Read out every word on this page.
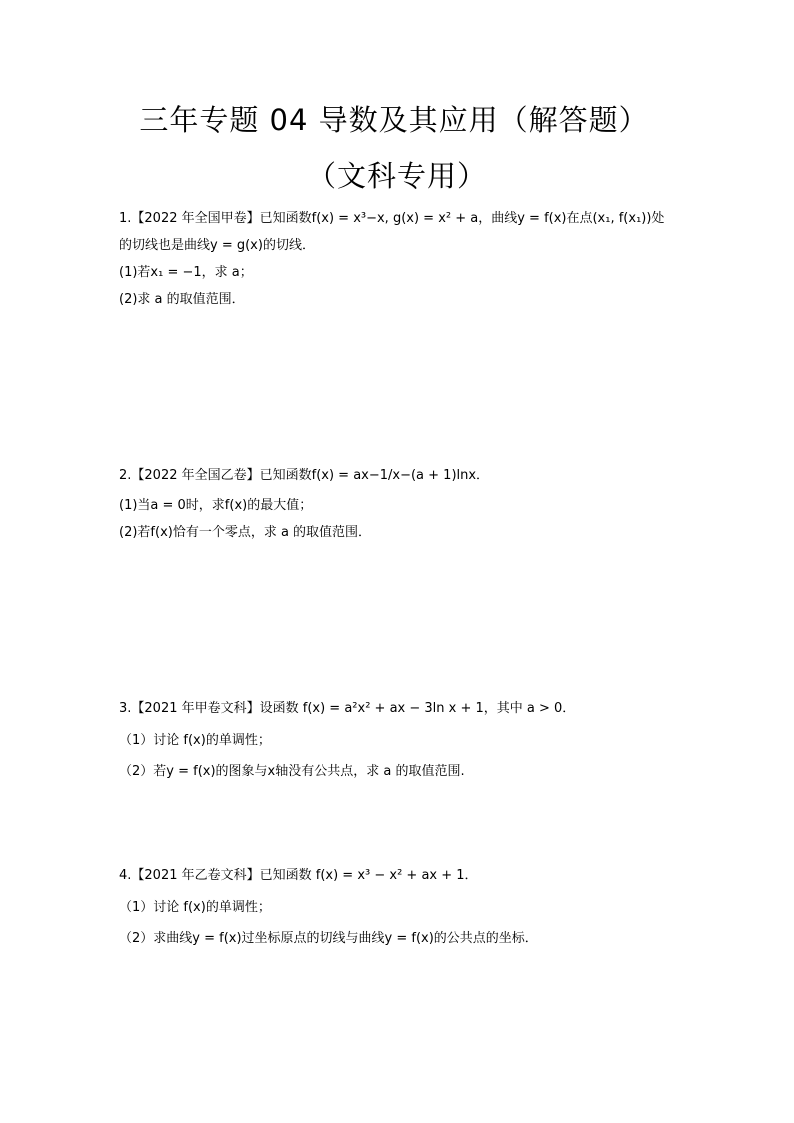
三年专题 04 导数及其应用（解答题）
（文科专用）
1.【2022 年全国甲卷】已知函数f(x) = x³−x, g(x) = x² + a，曲线y = f(x)在点(x₁, f(x₁))处
的切线也是曲线y = g(x)的切线．
(1)若x₁ = −1，求 a；
(2)求 a 的取值范围．
2.【2022 年全国乙卷】已知函数f(x) = ax−1/x−(a + 1)lnx．
(1)当a = 0时，求f(x)的最大值；
(2)若f(x)恰有一个零点，求 a 的取值范围．
3.【2021 年甲卷文科】设函数 f(x) = a²x² + ax − 3ln x + 1，其中 a > 0．
（1）讨论 f(x)的单调性；
（2）若y = f(x)的图象与x轴没有公共点，求 a 的取值范围.
4.【2021 年乙卷文科】已知函数 f(x) = x³ − x² + ax + 1．
（1）讨论 f(x)的单调性；
（2）求曲线y = f(x)过坐标原点的切线与曲线y = f(x)的公共点的坐标．
